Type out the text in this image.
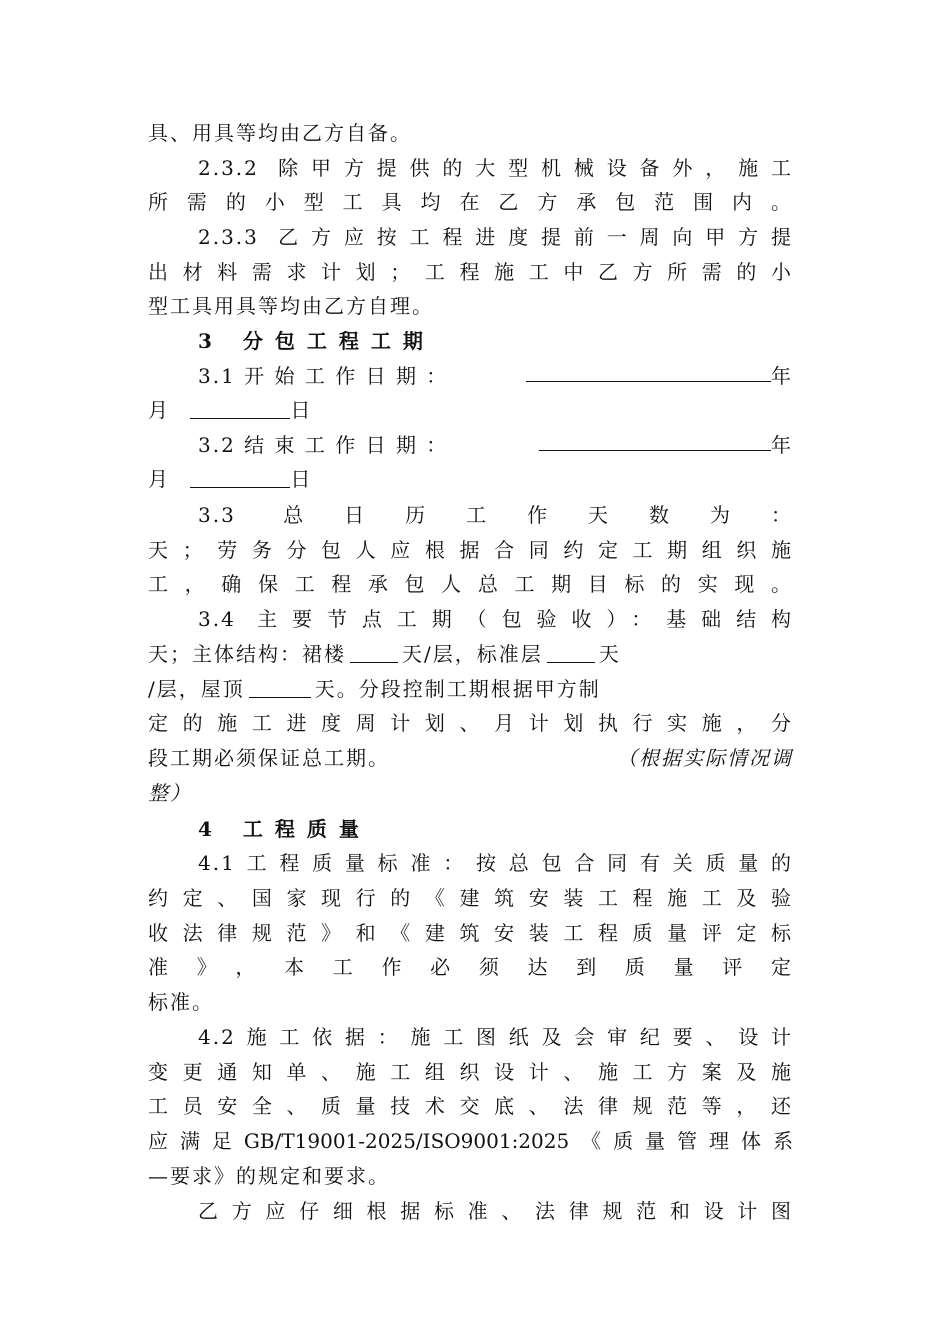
具、用具等均由乙方自备。
2.3.2 除甲方提供的大型机械设备外，施工
所需的小型工具均在乙方承包范围内。
2.3.3 乙方应按工程进度提前一周向甲方提
出材料需求计划；工程施工中乙方所需的小
型工具用具等均由乙方自理。
3 分包工程工期
3.1 开 始 工 作 日 期 ：	年
月	日
3.2 结 束 工 作 日 期 ：	年
月	日
3.3 总日历工作天数为：
天；劳务分包人应根据合同约定工期组织施
工，确保工程承包人总工期目标的实现。
3.4 主要节点工期（包验收）：基础结构
天；主体结构：裙楼	天/层，标准层	天
/层，屋顶	天。分段控制工期根据甲方制
定的施工进度周计划、月计划执行实施，分
段工期必须保证总工期。	（根据实际情况调
整）
4 工程质量
4.1工程质量标准：按总包合同有关质量的
约定、国家现行的《建筑安装工程施工及验
收法律规范》和《建筑安装工程质量评定标
准》，本工作必须达到质量评定
标准。
4.2施工依据：施工图纸及会审纪要、设计
变更通知单、施工组织设计、施工方案及施
工员安全、质量技术交底、法律规范等，还
应满足GB/T19001-2025/ISO9001:2025《质量管理体系
—要求》的规定和要求。
乙方应仔细根据标准、法律规范和设计图
